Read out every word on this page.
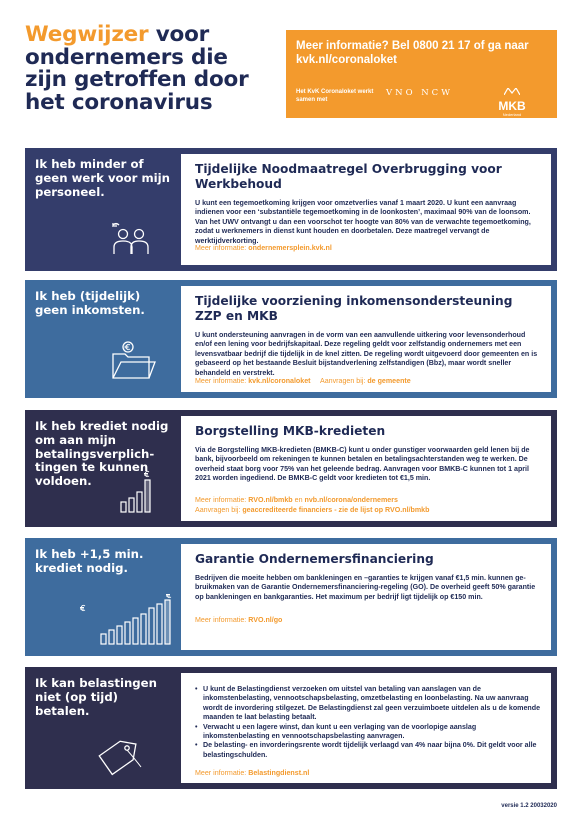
Wegwijzer voor ondernemers die zijn getroffen door het coronavirus
Meer informatie? Bel 0800 21 17 of ga naar kvk.nl/coronaloket
Het KvK Coronaloket werkt samen met
VNO NCW
MKB
Nederland
Ik heb minder of geen werk voor mijn personeel.
Tijdelijke Noodmaatregel Overbrugging voor Werkbehoud
U kunt een tegemoetkoming krijgen voor omzetverlies vanaf 1 maart 2020. U kunt een aanvraag indienen voor een ‘substantiële tegemoetkoming in de loonkosten’, maximaal 90% van de loonsom. Van het UWV ontvangt u dan een voorschot ter hoogte van 80% van de verwachte tegemoetkoming, zodat u werknemers in dienst kunt houden en doorbetalen. Deze maatregel vervangt de werktijdverkorting.
Meer informatie: ondernemersplein.kvk.nl
Ik heb (tijdelijk) geen inkomsten.
Tijdelijke voorziening inkomensondersteuning ZZP en MKB
U kunt ondersteuning aanvragen in de vorm van een aanvullende uitkering voor levensonderhoud en/of een lening voor bedrijfskapitaal. Deze regeling geldt voor zelfstandig ondernemers met een levensvatbaar bedrijf die tijdelijk in de knel zitten. De regeling wordt uitgevoerd door gemeenten en is gebaseerd op het bestaande Besluit bijstandverlening zelfstandigen (Bbz), maar wordt sneller behandeld en verstrekt.
Meer informatie: kvk.nl/coronaloket Aanvragen bij: de gemeente
Ik heb krediet nodig om aan mijn betalingsverplich-tingen te kunnen voldoen.
Borgstelling MKB-kredieten
Via de Borgstelling MKB-kredieten (BMKB-C) kunt u onder gunstiger voorwaarden geld lenen bij de bank, bijvoorbeeld om rekeningen te kunnen betalen en betalingsachterstanden weg te werken. De overheid staat borg voor 75% van het geleende bedrag. Aanvragen voor BMKB-C kunnen tot 1 april 2021 worden ingediend. De BMKB-C geldt voor kredieten tot €1,5 min.
Meer informatie: RVO.nl/bmkb en nvb.nl/corona/ondernemers
Aanvragen bij: geaccrediteerde financiers - zie de lijst op RVO.nl/bmkb
Ik heb +1,5 min. krediet nodig.
Garantie Ondernemersfinanciering
Bedrijven die moeite hebben om bankleningen en –garanties te krijgen vanaf €1,5 min. kunnen ge-bruikmaken van de Garantie Ondernemersfinanciering-regeling (GO). De overheid geeft 50% garantie op bankleningen en bankgaranties. Het maximum per bedrijf ligt tijdelijk op €150 min.
Meer informatie: RVO.nl/go
Ik kan belastingen niet (op tijd) betalen.
• U kunt de Belastingdienst verzoeken om uitstel van betaling van aanslagen van de inkomstenbelasting, vennootschapsbelasting, omzetbelasting en loonbelasting. Na uw aanvraag wordt de invordering stilgezet. De Belastingdienst zal geen verzuimboete uitdelen als u de komende maanden te laat belasting betaalt.
• Verwacht u een lagere winst, dan kunt u een verlaging van de voorlopige aanslag inkomstenbelasting en vennootschapsbelasting aanvragen.
• De belasting- en invorderingsrente wordt tijdelijk verlaagd van 4% naar bijna 0%. Dit geldt voor alle belastingschulden.
Meer informatie: Belastingdienst.nl
versie 1.2 20032020
